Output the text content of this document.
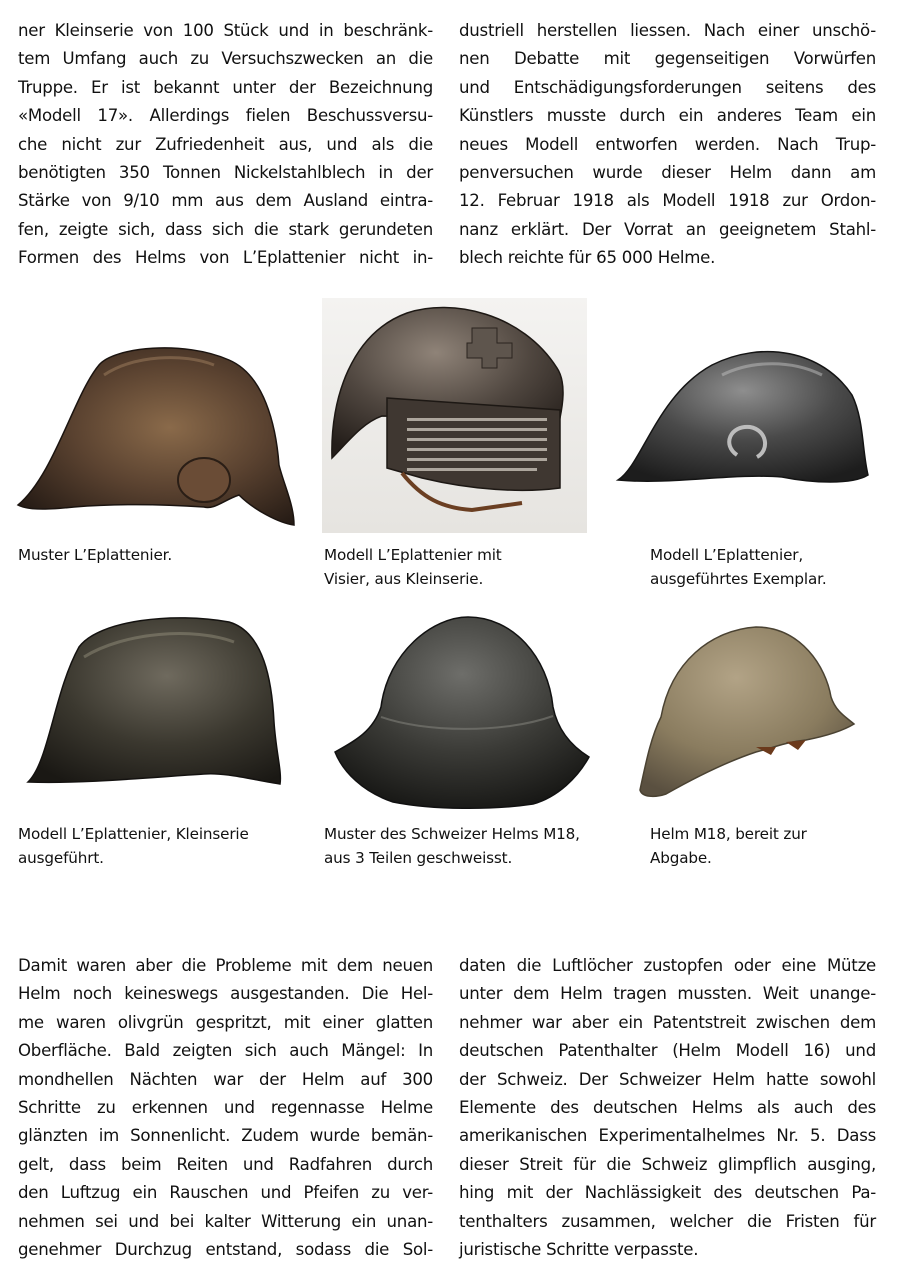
ner Kleinserie von 100 Stück und in beschränk-
tem Umfang auch zu Versuchszwecken an die
Truppe. Er ist bekannt unter der Bezeichnung
«Modell 17». Allerdings fielen Beschussversu-
che nicht zur Zufriedenheit aus, und als die
benötigten 350 Tonnen Nickelstahlblech in der
Stärke von 9/10 mm aus dem Ausland eintra-
fen, zeigte sich, dass sich die stark gerundeten
Formen des Helms von L’Eplattenier nicht in-
dustriell herstellen liessen. Nach einer unschö-
nen Debatte mit gegenseitigen Vorwürfen
und Entschädigungsforderungen seitens des
Künstlers musste durch ein anderes Team ein
neues Modell entworfen werden. Nach Trup-
penversuchen wurde dieser Helm dann am
12. Februar 1918 als Modell 1918 zur Ordon-
nanz erklärt. Der Vorrat an geeignetem Stahl-
blech reichte für 65 000 Helme.
Muster L’Eplattenier.	Modell L’Eplattenier mit
Visier, aus Kleinserie.
Modell L’Eplattenier,
ausgeführtes Exemplar.
Modell L’Eplattenier, Kleinserie
ausgeführt.
Muster des Schweizer Helms M18,
aus 3 Teilen geschweisst.
Helm M18, bereit zur
Abgabe.
Damit waren aber die Probleme mit dem neuen
Helm noch keineswegs ausgestanden. Die Hel-
me waren olivgrün gespritzt, mit einer glatten
Oberfläche. Bald zeigten sich auch Mängel: In
mondhellen Nächten war der Helm auf 300
Schritte zu erkennen und regennasse Helme
glänzten im Sonnenlicht. Zudem wurde bemän-
gelt, dass beim Reiten und Radfahren durch
den Luftzug ein Rauschen und Pfeifen zu ver-
nehmen sei und bei kalter Witterung ein unan-
genehmer Durchzug entstand, sodass die Sol-
daten die Luftlöcher zustopfen oder eine Mütze
unter dem Helm tragen mussten. Weit unange-
nehmer war aber ein Patentstreit zwischen dem
deutschen Patenthalter (Helm Modell 16) und
der Schweiz. Der Schweizer Helm hatte sowohl
Elemente des deutschen Helms als auch des
amerikanischen Experimentalhelmes Nr. 5. Dass
dieser Streit für die Schweiz glimpflich ausging,
hing mit der Nachlässigkeit des deutschen Pa-
tenthalters zusammen, welcher die Fristen für
juristische Schritte verpasste.
